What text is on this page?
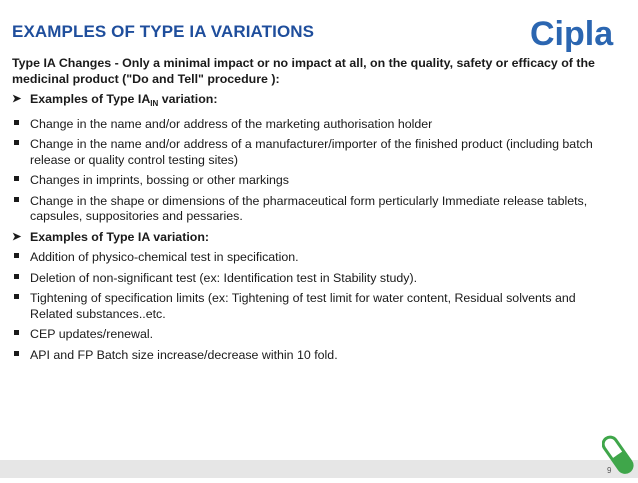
EXAMPLES OF TYPE IA VARIATIONS	Cipla

Type IA Changes - Only a minimal impact or no impact at all, on the quality, safety or efficacy of the medicinal product ("Do and Tell" procedure ):

➤ Examples of Type $IA_{IN}$ variation:
Change in the name and/or address of the marketing authorisation holder
Change in the name and/or address of a manufacturer/importer of the finished product (including batch release or quality control testing sites)
Changes in imprints, bossing or other markings
Change in the shape or dimensions of the pharmaceutical form perticularly Immediate release tablets, capsules, suppositories and pessaries.
➤ Examples of Type IA variation:
Addition of physico-chemical test in specification.
Deletion of non-significant test (ex: Identification test in Stability study).
Tightening of specification limits (ex: Tightening of test limit for water content, Residual solvents and Related substances..etc.
CEP updates/renewal.
API and FP Batch size increase/decrease within 10 fold.
9
